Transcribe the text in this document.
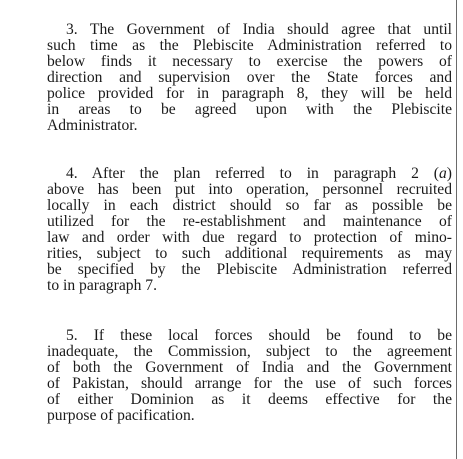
3. The Government of India should agree that until
such time as the Plebiscite Administration referred to
below finds it necessary to exercise the powers of
direction and supervision over the State forces and
police provided for in paragraph 8, they will be held
in areas to be agreed upon with the Plebiscite
Administrator.
4. After the plan referred to in paragraph 2 (a)
above has been put into operation, personnel recruited
locally in each district should so far as possible be
utilized for the re-establishment and maintenance of
law and order with due regard to protection of mino-
rities, subject to such additional requirements as may
be specified by the Plebiscite Administration referred
to in paragraph 7.
5. If these local forces should be found to be
inadequate, the Commission, subject to the agreement
of both the Government of India and the Government
of Pakistan, should arrange for the use of such forces
of either Dominion as it deems effective for the
purpose of pacification.
